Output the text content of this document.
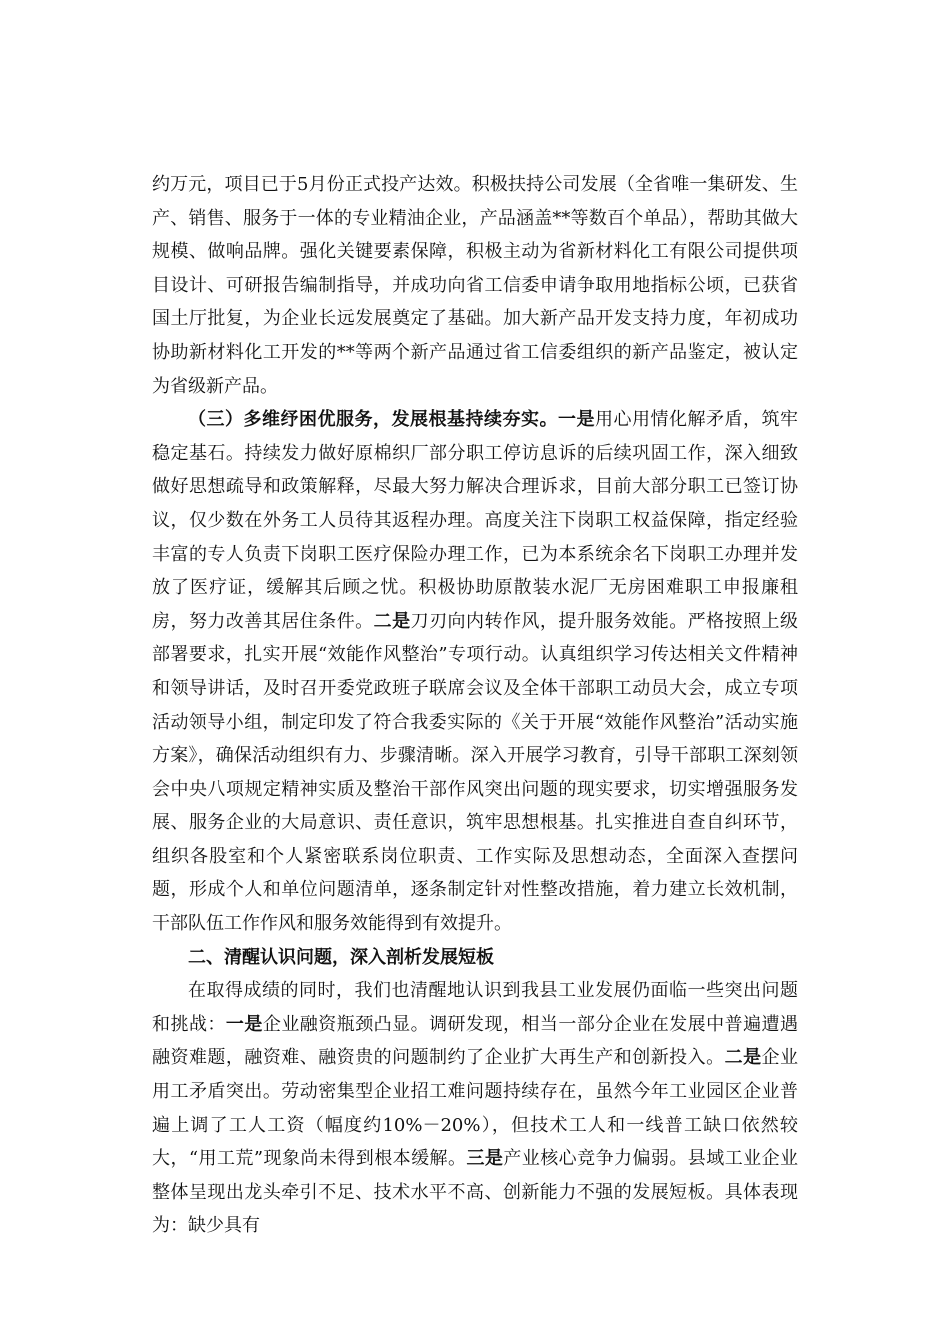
约万元，项目已于5月份正式投产达效。积极扶持公司发展（全省唯一集研发、生产、销售、服务于一体的专业精油企业，产品涵盖**等数百个单品），帮助其做大规模、做响品牌。强化关键要素保障，积极主动为省新材料化工有限公司提供项目设计、可研报告编制指导，并成功向省工信委申请争取用地指标公顷，已获省国土厅批复，为企业长远发展奠定了基础。加大新产品开发支持力度，年初成功协助新材料化工开发的**等两个新产品通过省工信委组织的新产品鉴定，被认定为省级新产品。

（三）多维纾困优服务，发展根基持续夯实。一是用心用情化解矛盾，筑牢稳定基石。持续发力做好原棉织厂部分职工停访息诉的后续巩固工作，深入细致做好思想疏导和政策解释，尽最大努力解决合理诉求，目前大部分职工已签订协议，仅少数在外务工人员待其返程办理。高度关注下岗职工权益保障，指定经验丰富的专人负责下岗职工医疗保险办理工作，已为本系统余名下岗职工办理并发放了医疗证，缓解其后顾之忧。积极协助原散装水泥厂无房困难职工申报廉租房，努力改善其居住条件。二是刀刃向内转作风，提升服务效能。严格按照上级部署要求，扎实开展“效能作风整治”专项行动。认真组织学习传达相关文件精神和领导讲话，及时召开委党政班子联席会议及全体干部职工动员大会，成立专项活动领导小组，制定印发了符合我委实际的《关于开展“效能作风整治”活动实施方案》，确保活动组织有力、步骤清晰。深入开展学习教育，引导干部职工深刻领会中央八项规定精神实质及整治干部作风突出问题的现实要求，切实增强服务发展、服务企业的大局意识、责任意识，筑牢思想根基。扎实推进自查自纠环节，组织各股室和个人紧密联系岗位职责、工作实际及思想动态，全面深入查摆问题，形成个人和单位问题清单，逐条制定针对性整改措施，着力建立长效机制，干部队伍工作作风和服务效能得到有效提升。

二、清醒认识问题，深入剖析发展短板

在取得成绩的同时，我们也清醒地认识到我县工业发展仍面临一些突出问题和挑战：一是企业融资瓶颈凸显。调研发现，相当一部分企业在发展中普遍遭遇融资难题，融资难、融资贵的问题制约了企业扩大再生产和创新投入。二是企业用工矛盾突出。劳动密集型企业招工难问题持续存在，虽然今年工业园区企业普遍上调了工人工资（幅度约10%－20%），但技术工人和一线普工缺口依然较大，“用工荒”现象尚未得到根本缓解。三是产业核心竞争力偏弱。县域工业企业整体呈现出龙头牵引不足、技术水平不高、创新能力不强的发展短板。具体表现为：缺少具有
